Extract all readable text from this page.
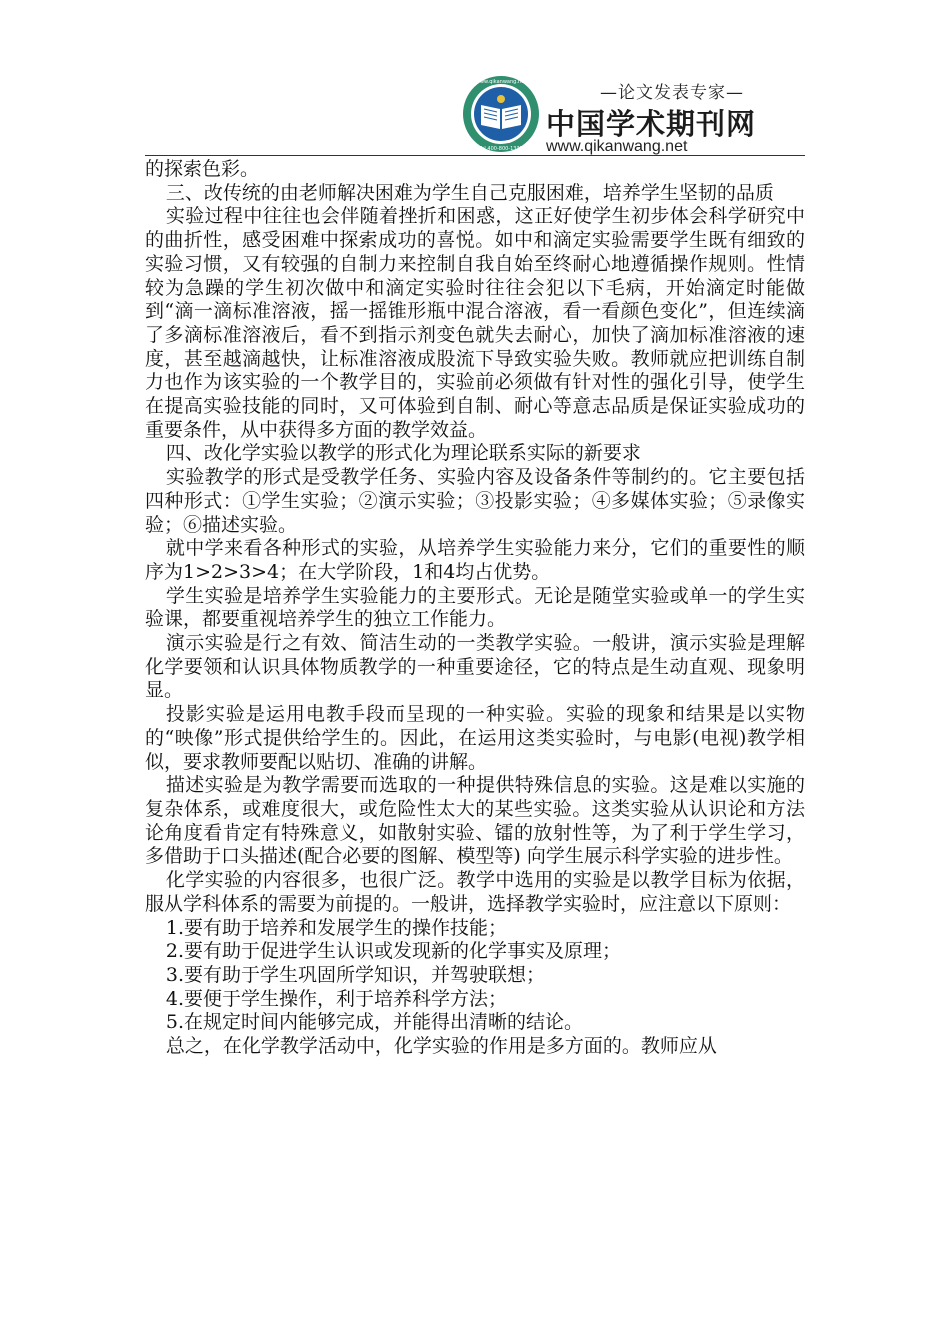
www.qikanwang.net
Tel 400-800-1333
—论文发表专家—
中国学术期刊网
www.qikanwang.net

的探索色彩。

三、改传统的由老师解决困难为学生自己克服困难，培养学生坚韧的品质

实验过程中往往也会伴随着挫折和困惑，这正好使学生初步体会科学研究中的曲折性，感受困难中探索成功的喜悦。如中和滴定实验需要学生既有细致的实验习惯，又有较强的自制力来控制自我自始至终耐心地遵循操作规则。性情较为急躁的学生初次做中和滴定实验时往往会犯以下毛病，开始滴定时能做到“滴一滴标准溶液，摇一摇锥形瓶中混合溶液，看一看颜色变化”，但连续滴了多滴标准溶液后，看不到指示剂变色就失去耐心，加快了滴加标准溶液的速度，甚至越滴越快，让标准溶液成股流下导致实验失败。教师就应把训练自制力也作为该实验的一个教学目的，实验前必须做有针对性的强化引导，使学生在提高实验技能的同时，又可体验到自制、耐心等意志品质是保证实验成功的重要条件，从中获得多方面的教学效益。

四、改化学实验以教学的形式化为理论联系实际的新要求

实验教学的形式是受教学任务、实验内容及设备条件等制约的。它主要包括四种形式：①学生实验；②演示实验；③投影实验；④多媒体实验；⑤录像实验；⑥描述实验。

就中学来看各种形式的实验，从培养学生实验能力来分，它们的重要性的顺序为1>2>3>4；在大学阶段，1和4均占优势。

学生实验是培养学生实验能力的主要形式。无论是随堂实验或单一的学生实验课，都要重视培养学生的独立工作能力。

演示实验是行之有效、简洁生动的一类教学实验。一般讲，演示实验是理解化学要领和认识具体物质教学的一种重要途径，它的特点是生动直观、现象明显。

投影实验是运用电教手段而呈现的一种实验。实验的现象和结果是以实物的“映像”形式提供给学生的。因此，在运用这类实验时，与电影(电视)教学相似，要求教师要配以贴切、准确的讲解。

描述实验是为教学需要而选取的一种提供特殊信息的实验。这是难以实施的复杂体系，或难度很大，或危险性太大的某些实验。这类实验从认识论和方法论角度看肯定有特殊意义，如散射实验、镭的放射性等，为了利于学生学习，多借助于口头描述(配合必要的图解、模型等) 向学生展示科学实验的进步性。

化学实验的内容很多，也很广泛。教学中选用的实验是以教学目标为依据，服从学科体系的需要为前提的。一般讲，选择教学实验时，应注意以下原则：

1.要有助于培养和发展学生的操作技能；

2.要有助于促进学生认识或发现新的化学事实及原理；

3.要有助于学生巩固所学知识，并驾驶联想；

4.要便于学生操作，利于培养科学方法；

5.在规定时间内能够完成，并能得出清晰的结论。

总之，在化学教学活动中，化学实验的作用是多方面的。教师应从
